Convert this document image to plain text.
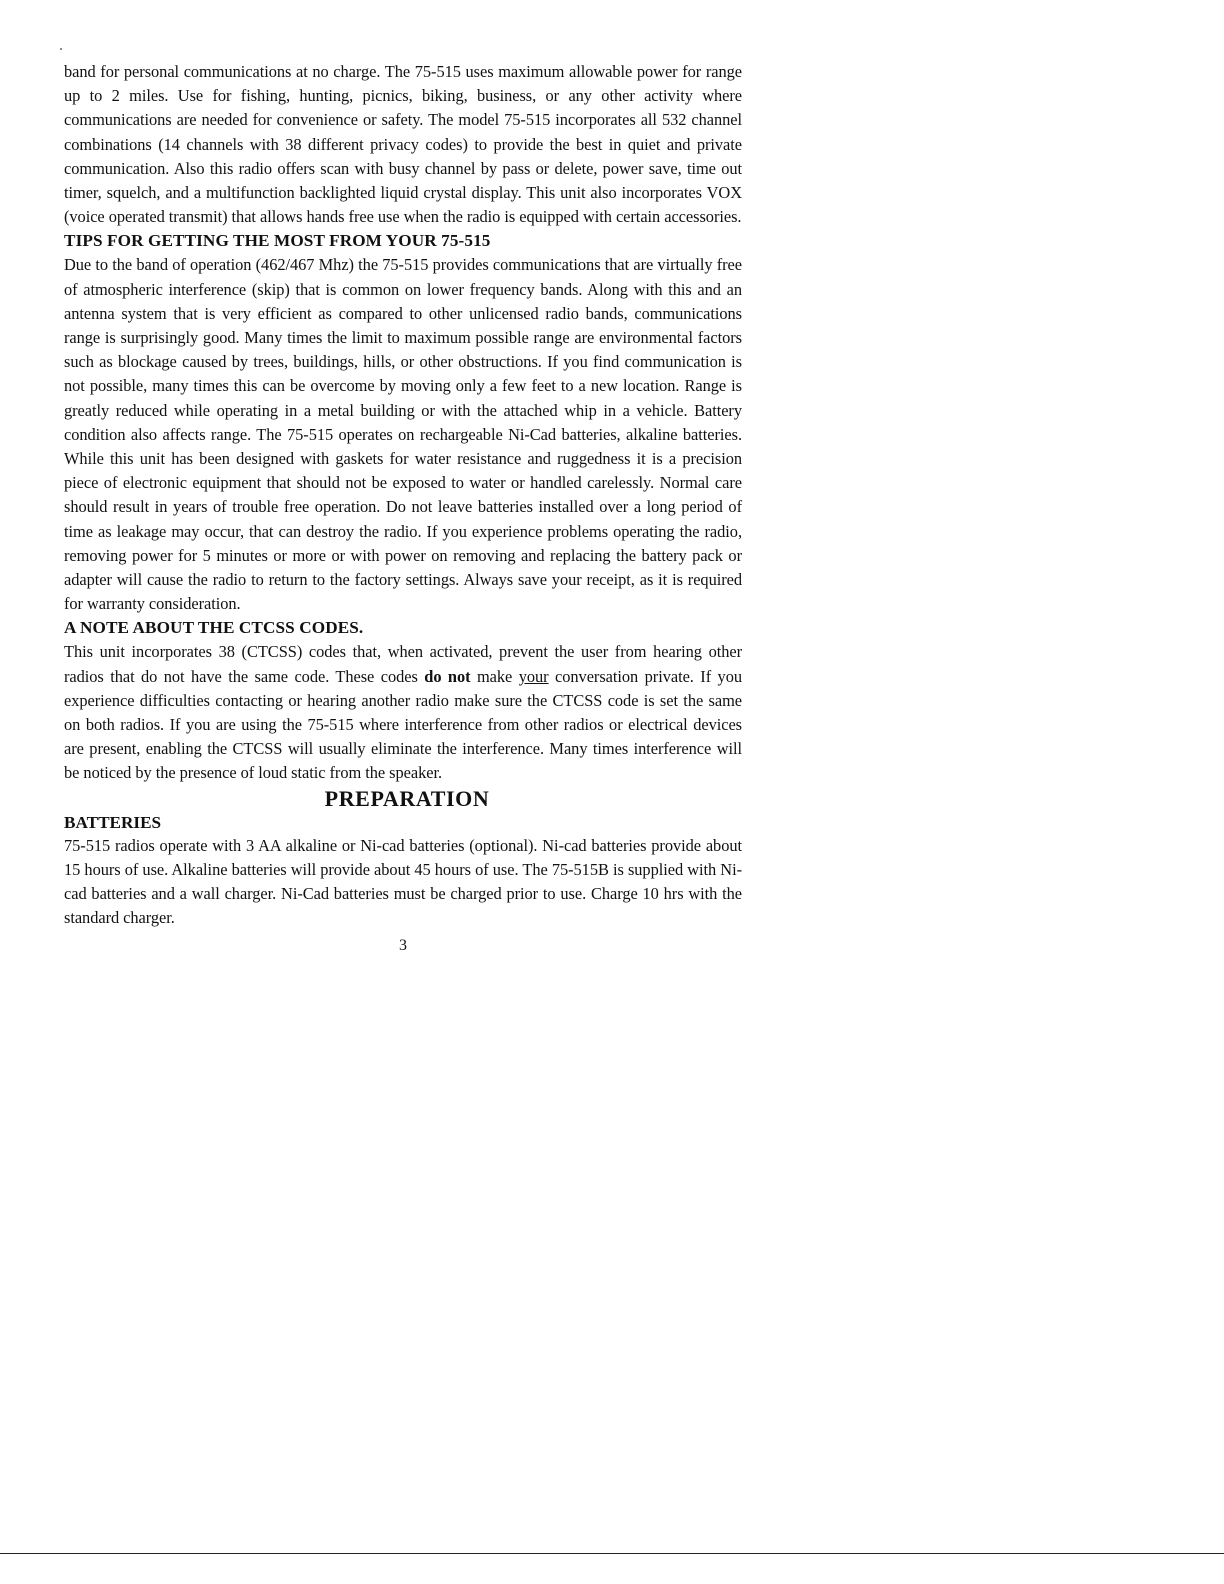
band for personal communications at no charge. The 75-515 uses maximum allowable power for range up to 2 miles. Use for fishing, hunting, picnics, biking, business, or any other activity where communications are needed for convenience or safety. The model 75-515 incorporates all 532 channel combinations (14 channels with 38 different privacy codes) to provide the best in quiet and private communication. Also this radio offers scan with busy channel by pass or delete, power save, time out timer, squelch, and a multifunction backlighted liquid crystal display. This unit also incorporates VOX (voice operated transmit) that allows hands free use when the radio is equipped with certain accessories.

TIPS FOR GETTING THE MOST FROM YOUR 75-515

Due to the band of operation (462/467 Mhz) the 75-515 provides communications that are virtually free of atmospheric interference (skip) that is common on lower frequency bands. Along with this and an antenna system that is very efficient as compared to other unlicensed radio bands, communications range is surprisingly good. Many times the limit to maximum possible range are environmental factors such as blockage caused by trees, buildings, hills, or other obstructions. If you find communication is not possible, many times this can be overcome by moving only a few feet to a new location. Range is greatly reduced while operating in a metal building or with the attached whip in a vehicle. Battery condition also affects range. The 75-515 operates on rechargeable Ni-Cad batteries, alkaline batteries. While this unit has been designed with gaskets for water resistance and ruggedness it is a precision piece of electronic equipment that should not be exposed to water or handled carelessly. Normal care should result in years of trouble free operation. Do not leave batteries installed over a long period of time as leakage may occur, that can destroy the radio. If you experience problems operating the radio, removing power for 5 minutes or more or with power on removing and replacing the battery pack or adapter will cause the radio to return to the factory settings. Always save your receipt, as it is required for warranty consideration.

A NOTE ABOUT THE CTCSS CODES.

This unit incorporates 38 (CTCSS) codes that, when activated, prevent the user from hearing other radios that do not have the same code. These codes do not make your conversation private. If you experience difficulties contacting or hearing another radio make sure the CTCSS code is set the same on both radios. If you are using the 75-515 where interference from other radios or electrical devices are present, enabling the CTCSS will usually eliminate the interference. Many times interference will be noticed by the presence of loud static from the speaker.

PREPARATION
BATTERIES

75-515 radios operate with 3 AA alkaline or Ni-cad batteries (optional). Ni-cad batteries provide about 15 hours of use. Alkaline batteries will provide about 45 hours of use. The 75-515B is supplied with Ni-cad batteries and a wall charger. Ni-Cad batteries must be charged prior to use. Charge 10 hrs with the standard charger.

3
